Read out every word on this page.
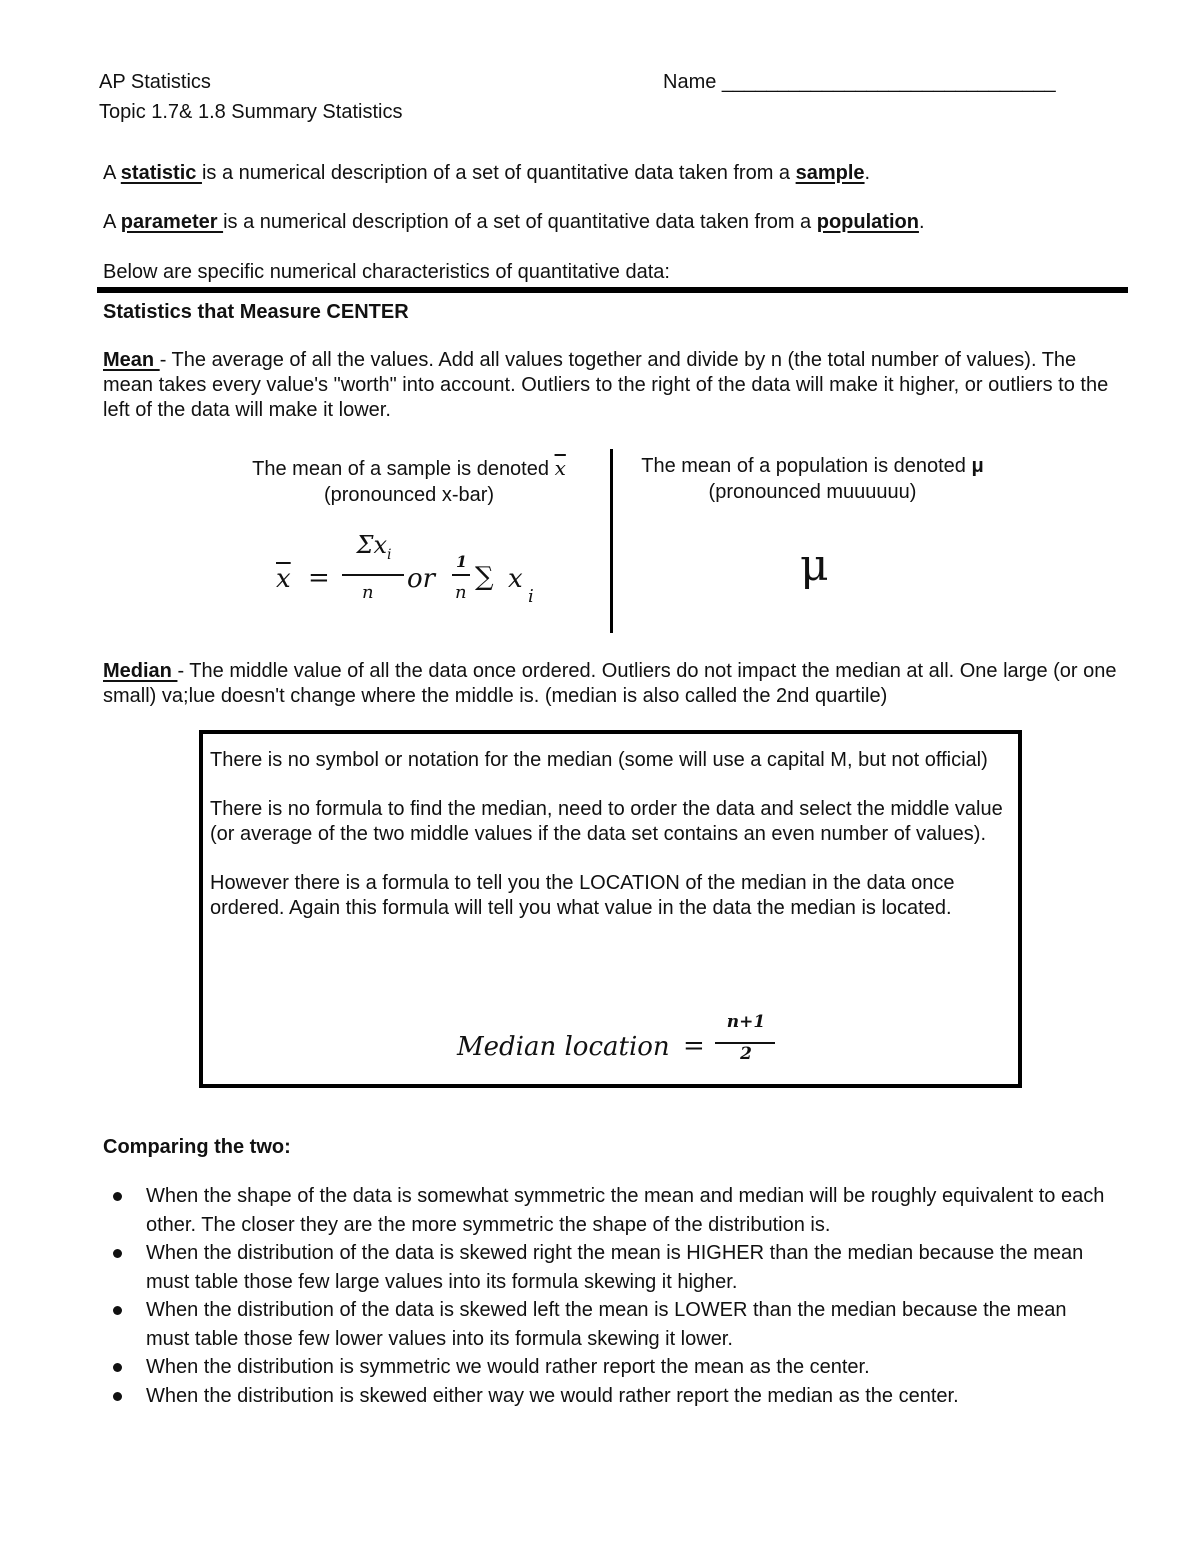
AP Statistics
Topic 1.7& 1.8 Summary Statistics
Name ______________________________
A statistic is a numerical description of a set of quantitative data taken from a sample.
A parameter is a numerical description of a set of quantitative data taken from a population.
Below are specific numerical characteristics of quantitative data:
Statistics that Measure CENTER
Mean - The average of all the values. Add all values together and divide by n (the total number of values). The mean takes every value's "worth" into account. Outliers to the right of the data will make it higher, or outliers to the left of the data will make it lower.
The mean of a sample is denoted $\overline{x}$
(pronounced x-bar)
$\overline{x}$ =
$\Sigma x_i$
n or
1
n
∑ x
i
The mean of a population is denoted μ
(pronounced muuuuuu)
μ
Median - The middle value of all the data once ordered. Outliers do not impact the median at all. One large (or one small) va;lue doesn't change where the middle is. (median is also called the 2nd quartile)

There is no symbol or notation for the median (some will use a capital M, but not official)

There is no formula to find the median, need to order the data and select the middle value (or average of the two middle values if the data set contains an even number of values).

However there is a formula to tell you the LOCATION of the median in the data once ordered. Again this formula will tell you what value in the data the median is located.

Median location =
n+1
2
Comparing the two:
When the shape of the data is somewhat symmetric the mean and median will be roughly equivalent to each other. The closer they are the more symmetric the shape of the distribution is.
When the distribution of the data is skewed right the mean is HIGHER than the median because the mean must table those few large values into its formula skewing it higher.
When the distribution of the data is skewed left the mean is LOWER than the median because the mean must table those few lower values into its formula skewing it lower.
When the distribution is symmetric we would rather report the mean as the center.
When the distribution is skewed either way we would rather report the median as the center.
